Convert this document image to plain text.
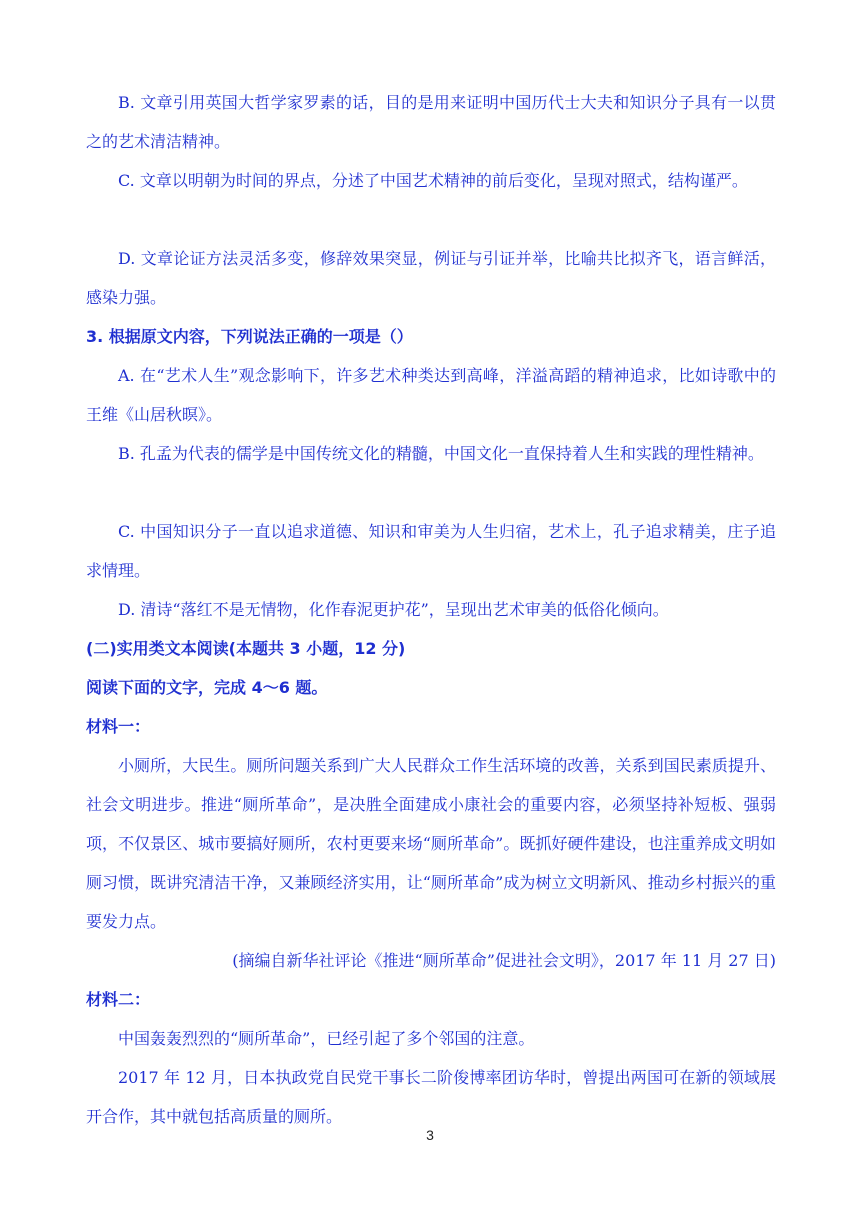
B. 文章引用英国大哲学家罗素的话，目的是用来证明中国历代士大夫和知识分子具有一以贯之的艺术清洁精神。

C. 文章以明朝为时间的界点，分述了中国艺术精神的前后变化，呈现对照式，结构谨严。

D. 文章论证方法灵活多变，修辞效果突显，例证与引证并举，比喻共比拟齐飞，语言鲜活，感染力强。

3. 根据原文内容，下列说法正确的一项是（）

A. 在“艺术人生”观念影响下，许多艺术种类达到高峰，洋溢高蹈的精神追求，比如诗歌中的王维《山居秋暝》。

B. 孔孟为代表的儒学是中国传统文化的精髓，中国文化一直保持着人生和实践的理性精神。

C. 中国知识分子一直以追求道德、知识和审美为人生归宿，艺术上，孔子追求精美，庄子追求情理。

D. 清诗“落红不是无情物，化作春泥更护花”，呈现出艺术审美的低俗化倾向。

(二)实用类文本阅读(本题共 3 小题，12 分)

阅读下面的文字，完成 4～6 题。

材料一：

小厕所，大民生。厕所问题关系到广大人民群众工作生活环境的改善，关系到国民素质提升、社会文明进步。推进“厕所革命”，是决胜全面建成小康社会的重要内容，必须坚持补短板、强弱项，不仅景区、城市要搞好厕所，农村更要来场“厕所革命”。既抓好硬件建设，也注重养成文明如厕习惯，既讲究清洁干净，又兼顾经济实用，让“厕所革命”成为树立文明新风、推动乡村振兴的重要发力点。

(摘编自新华社评论《推进“厕所革命”促进社会文明》，2017 年 11 月 27 日)

材料二：

中国轰轰烈烈的“厕所革命”，已经引起了多个邻国的注意。

2017 年 12 月，日本执政党自民党干事长二阶俊博率团访华时，曾提出两国可在新的领域展开合作，其中就包括高质量的厕所。

3
